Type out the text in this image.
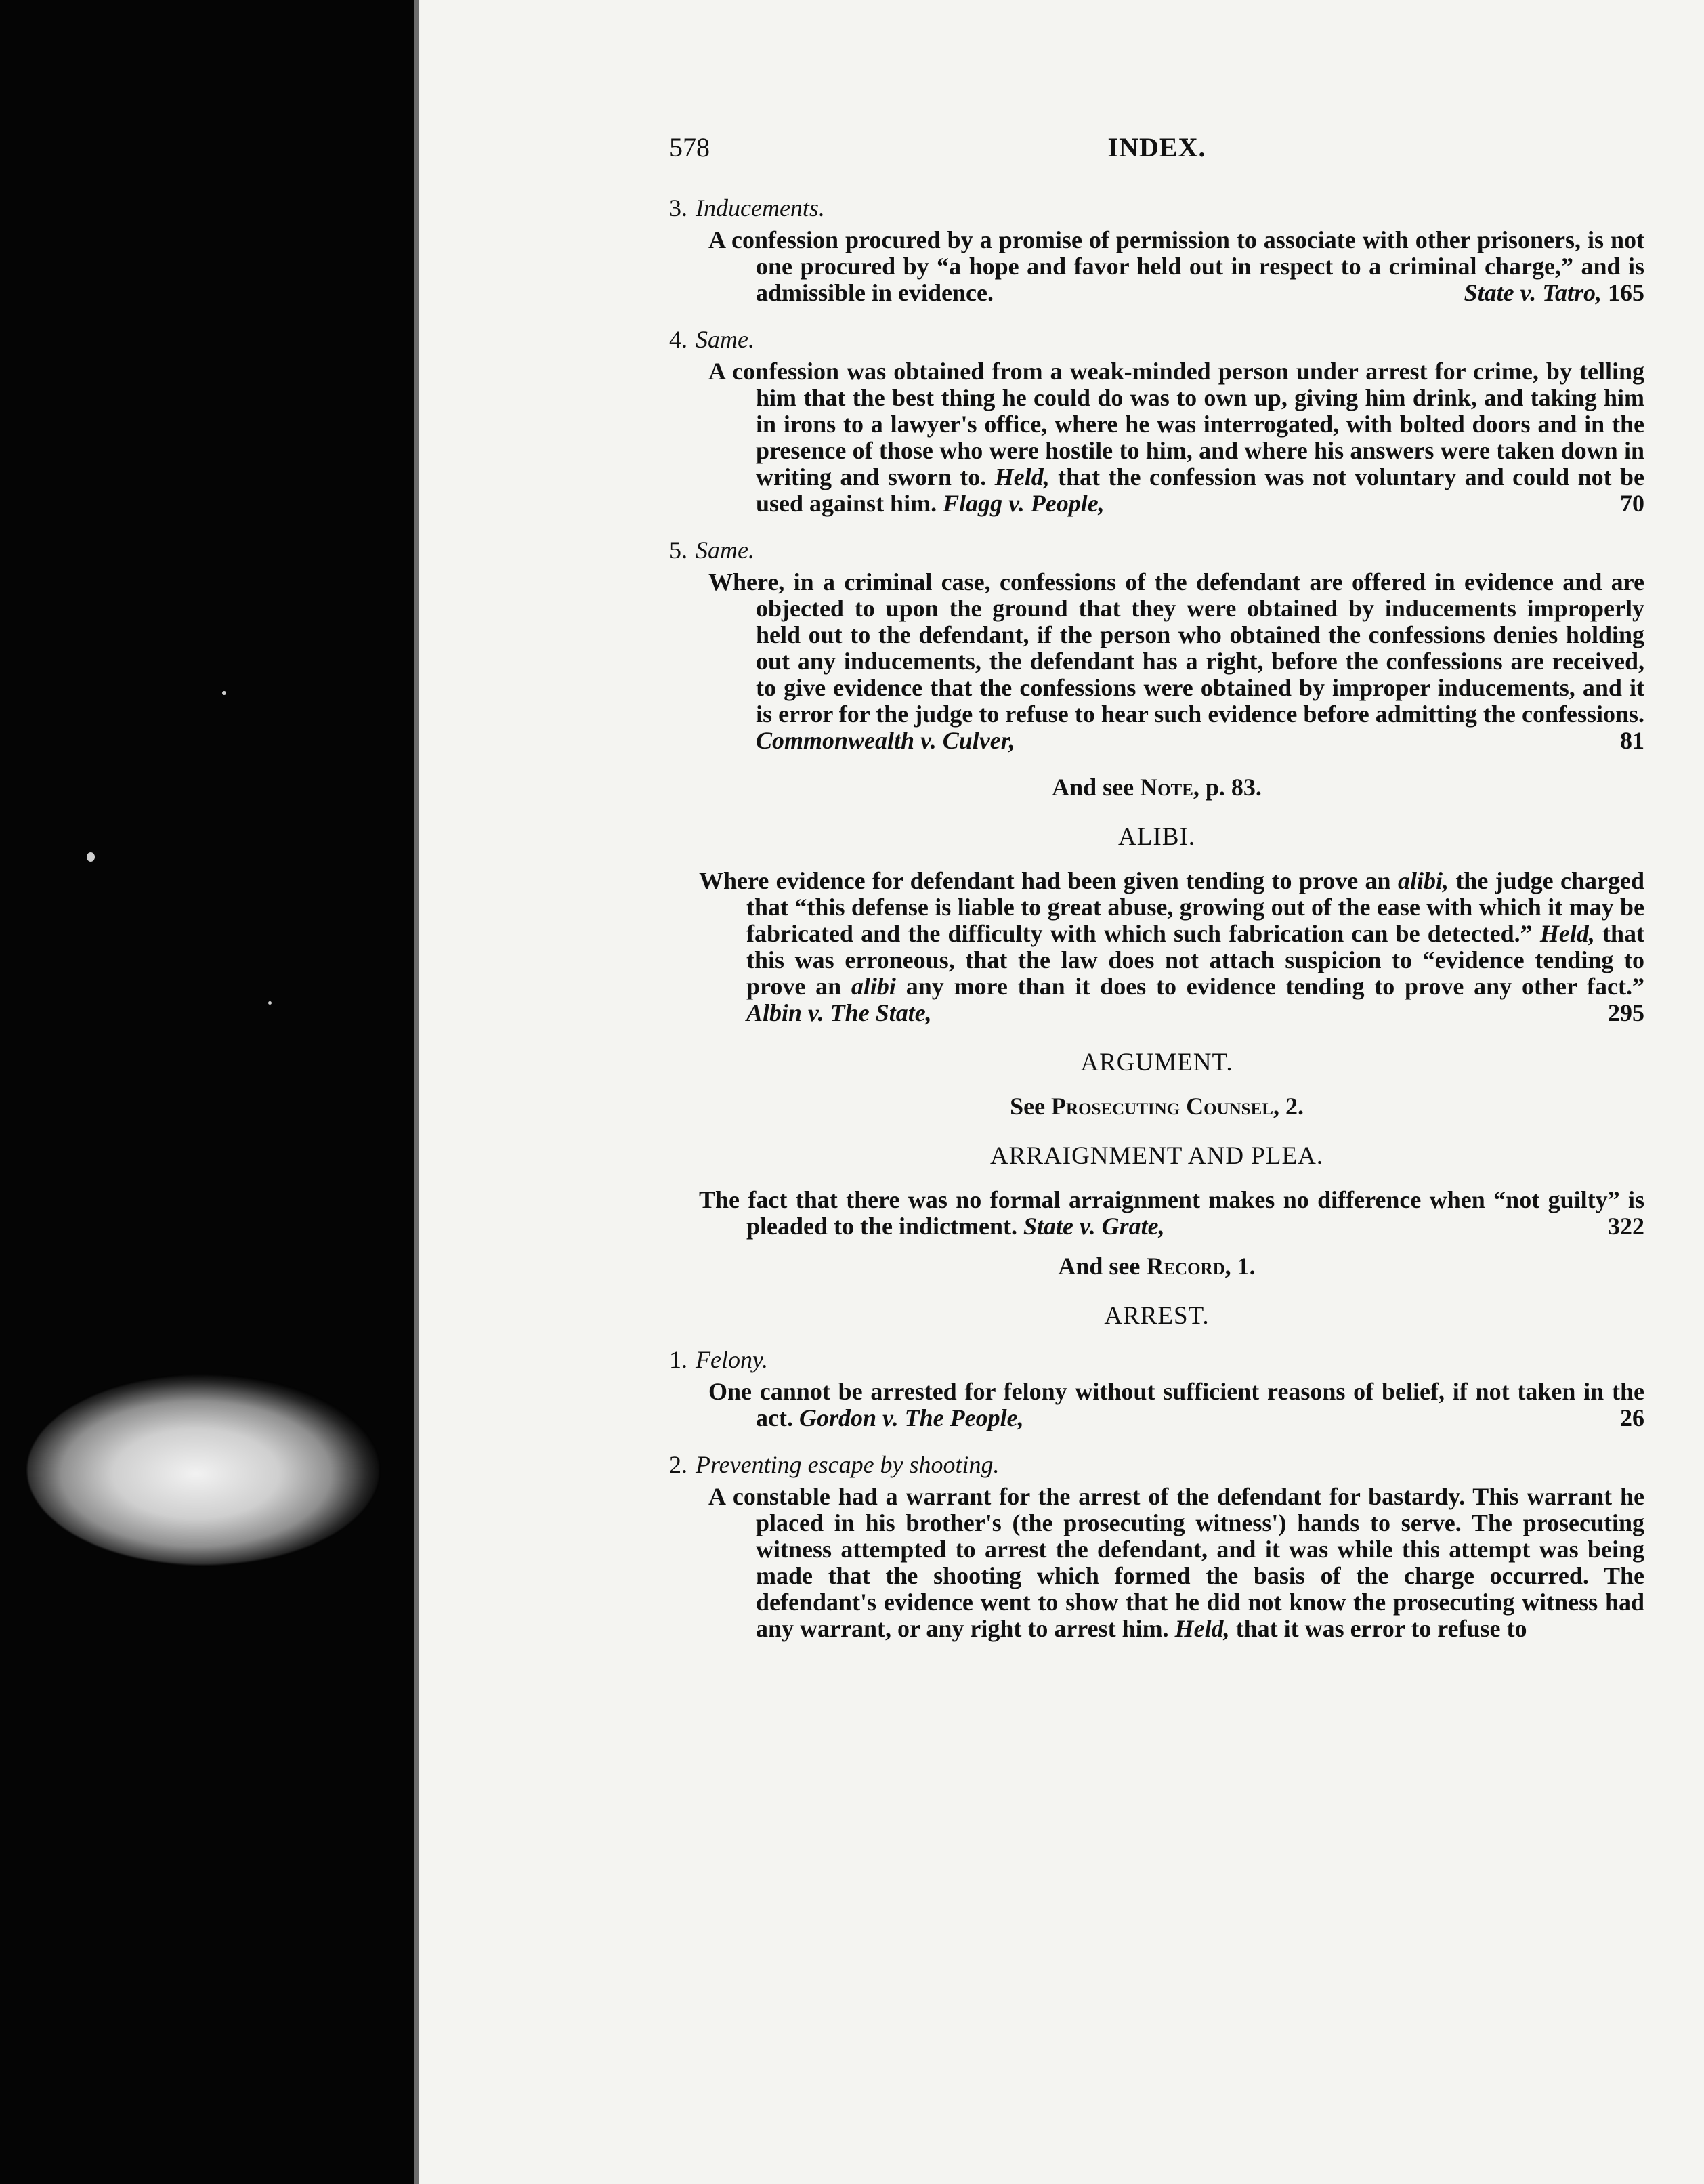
578	INDEX.
3. Inducements.
A confession procured by a promise of permission to associate with other prisoners, is not one procured by “a hope and favor held out in respect to a criminal charge,” and is admissible in evidence.	State v. Tatro, 165
4. Same.
A confession was obtained from a weak-minded person under arrest for crime, by telling him that the best thing he could do was to own up, giving him drink, and taking him in irons to a lawyer's office, where he was interrogated, with bolted doors and in the presence of those who were hostile to him, and where his answers were taken down in writing and sworn to. Held, that the confession was not voluntary and could not be used against him. Flagg v. People,	70
5. Same.
Where, in a criminal case, confessions of the defendant are offered in evidence and are objected to upon the ground that they were obtained by inducements improperly held out to the defendant, if the person who obtained the confessions denies holding out any inducements, the defendant has a right, before the confessions are received, to give evidence that the confessions were obtained by improper inducements, and it is error for the judge to refuse to hear such evidence before admitting the confessions. Commonwealth v. Culver,	81
And see Note, p. 83.
ALIBI.
Where evidence for defendant had been given tending to prove an alibi, the judge charged that “this defense is liable to great abuse, growing out of the ease with which it may be fabricated and the difficulty with which such fabrication can be detected.” Held, that this was erroneous, that the law does not attach suspicion to “evidence tending to prove an alibi any more than it does to evidence tending to prove any other fact.” Albin v. The State,	295
ARGUMENT.
See Prosecuting Counsel, 2.
ARRAIGNMENT AND PLEA.
The fact that there was no formal arraignment makes no difference when “not guilty” is pleaded to the indictment. State v. Grate,	322
And see Record, 1.
ARREST.
1. Felony.
One cannot be arrested for felony without sufficient reasons of belief, if not taken in the act. Gordon v. The People,	26
2. Preventing escape by shooting.
A constable had a warrant for the arrest of the defendant for bastardy. This warrant he placed in his brother's (the prosecuting witness') hands to serve. The prosecuting witness attempted to arrest the defendant, and it was while this attempt was being made that the shooting which formed the basis of the charge occurred. The defendant's evidence went to show that he did not know the prosecuting witness had any warrant, or any right to arrest him. Held, that it was error to refuse to
